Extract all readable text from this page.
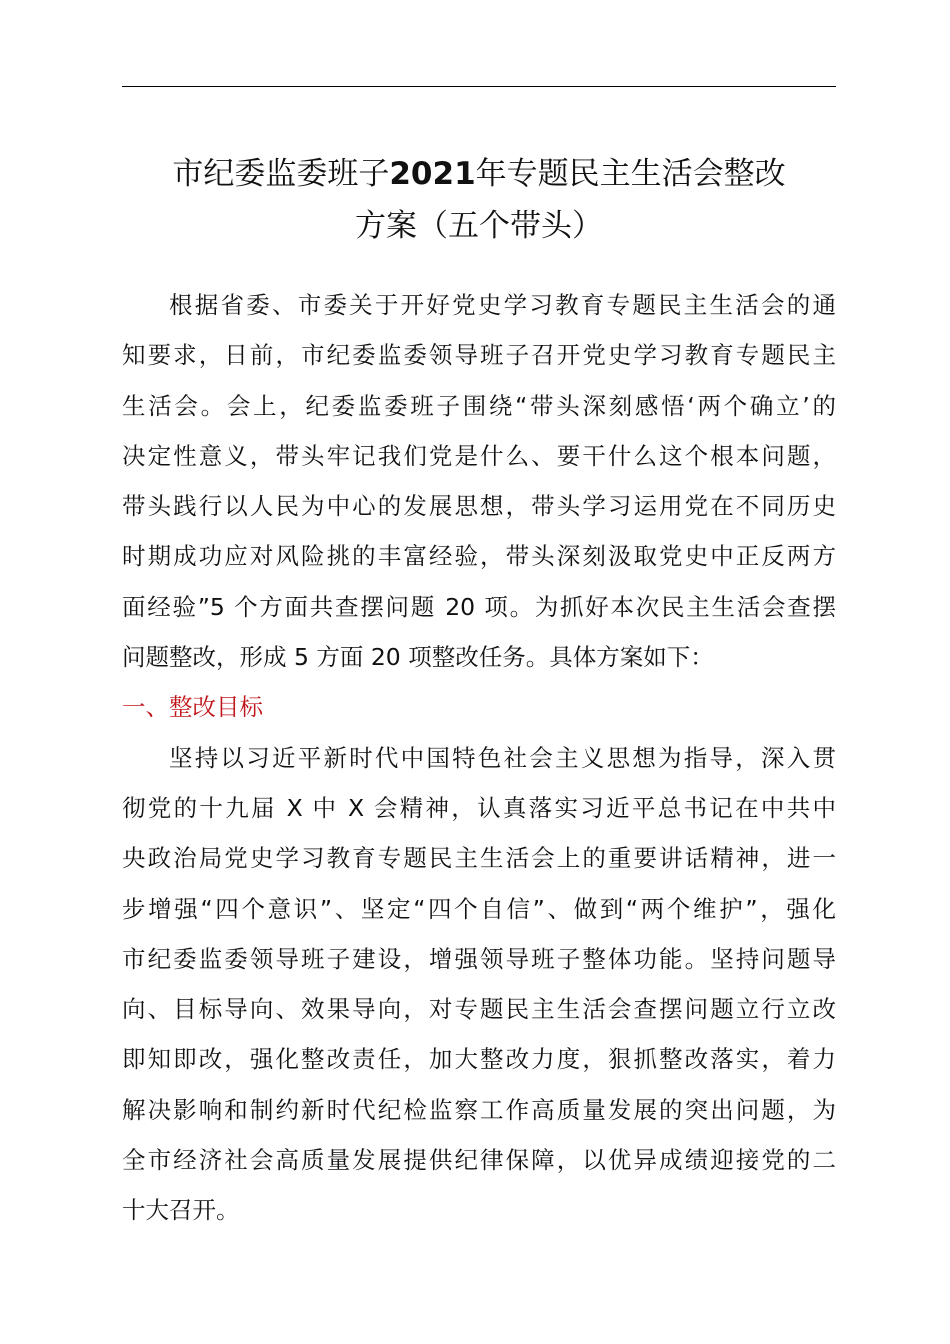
市纪委监委班子2021年专题民主生活会整改
方案（五个带头）

根据省委、市委关于开好党史学习教育专题民主生活会的通
知要求，日前，市纪委监委领导班子召开党史学习教育专题民主
生活会。会上，纪委监委班子围绕“带头深刻感悟‘两个确立’的
决定性意义，带头牢记我们党是什么、要干什么这个根本问题，
带头践行以人民为中心的发展思想，带头学习运用党在不同历史
时期成功应对风险挑的丰富经验，带头深刻汲取党史中正反两方
面经验”5 个方面共查摆问题 20 项。为抓好本次民主生活会查摆
问题整改，形成 5 方面 20 项整改任务。具体方案如下：

一、整改目标

坚持以习近平新时代中国特色社会主义思想为指导，深入贯
彻党的十九届 X 中 X 会精神，认真落实习近平总书记在中共中
央政治局党史学习教育专题民主生活会上的重要讲话精神，进一
步增强“四个意识”、坚定“四个自信”、做到“两个维护”，强化
市纪委监委领导班子建设，增强领导班子整体功能。坚持问题导
向、目标导向、效果导向，对专题民主生活会查摆问题立行立改
即知即改，强化整改责任，加大整改力度，狠抓整改落实，着力
解决影响和制约新时代纪检监察工作高质量发展的突出问题，为
全市经济社会高质量发展提供纪律保障，以优异成绩迎接党的二
十大召开。
